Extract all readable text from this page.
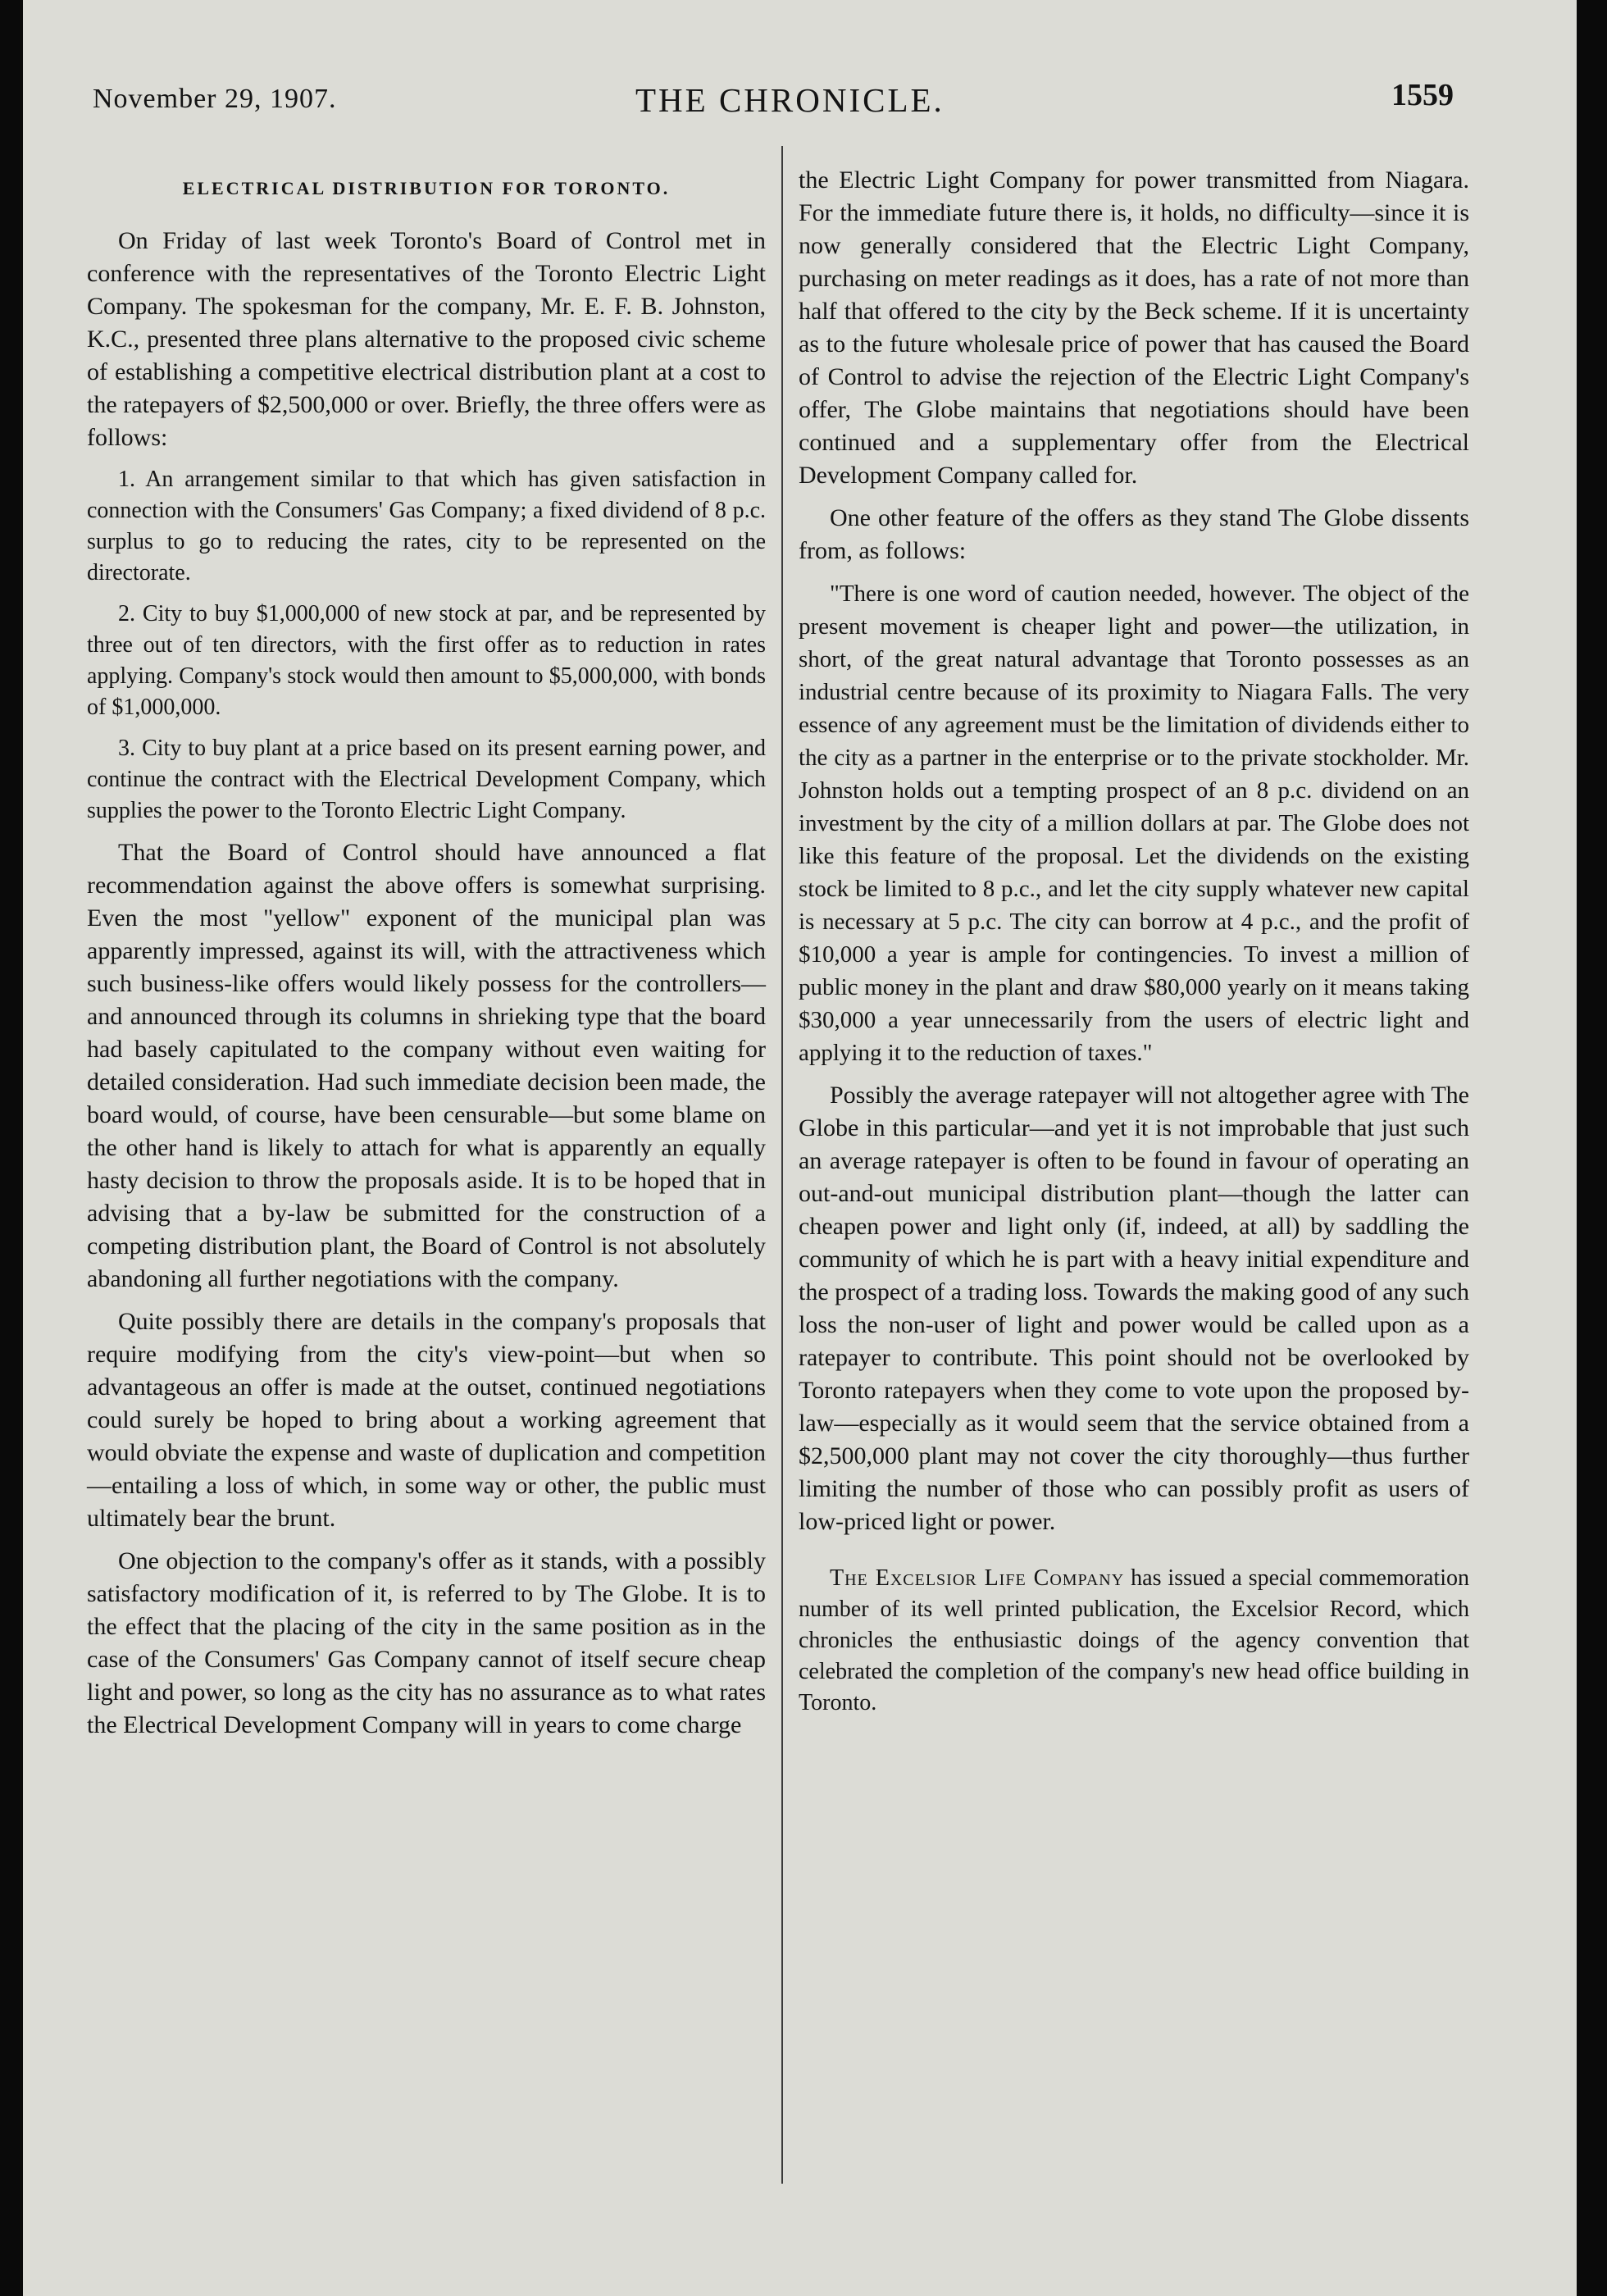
November 29, 1907.	THE CHRONICLE.	1559
ELECTRICAL DISTRIBUTION FOR TORONTO.

On Friday of last week Toronto's Board of Control met in conference with the representatives of the Toronto Electric Light Company. The spokesman for the company, Mr. E. F. B. Johnston, K.C., presented three plans alternative to the proposed civic scheme of establishing a competitive electrical distribution plant at a cost to the ratepayers of $2,500,000 or over. Briefly, the three offers were as follows:

1. An arrangement similar to that which has given satisfaction in connection with the Consumers' Gas Company; a fixed dividend of 8 p.c. surplus to go to reducing the rates, city to be represented on the directorate.

2. City to buy $1,000,000 of new stock at par, and be represented by three out of ten directors, with the first offer as to reduction in rates applying. Company's stock would then amount to $5,000,000, with bonds of $1,000,000.

3. City to buy plant at a price based on its present earning power, and continue the contract with the Electrical Development Company, which supplies the power to the Toronto Electric Light Company.

That the Board of Control should have announced a flat recommendation against the above offers is somewhat surprising. Even the most "yellow" exponent of the municipal plan was apparently impressed, against its will, with the attractiveness which such business-like offers would likely possess for the controllers—and announced through its columns in shrieking type that the board had basely capitulated to the company without even waiting for detailed consideration. Had such immediate decision been made, the board would, of course, have been censurable—but some blame on the other hand is likely to attach for what is apparently an equally hasty decision to throw the proposals aside. It is to be hoped that in advising that a by-law be submitted for the construction of a competing distribution plant, the Board of Control is not absolutely abandoning all further negotiations with the company.

Quite possibly there are details in the company's proposals that require modifying from the city's view-point—but when so advantageous an offer is made at the outset, continued negotiations could surely be hoped to bring about a working agreement that would obviate the expense and waste of duplication and competition—entailing a loss of which, in some way or other, the public must ultimately bear the brunt.

One objection to the company's offer as it stands, with a possibly satisfactory modification of it, is referred to by The Globe. It is to the effect that the placing of the city in the same position as in the case of the Consumers' Gas Company cannot of itself secure cheap light and power, so long as the city has no assurance as to what rates the Electrical Development Company will in years to come charge

the Electric Light Company for power transmitted from Niagara. For the immediate future there is, it holds, no difficulty—since it is now generally considered that the Electric Light Company, purchasing on meter readings as it does, has a rate of not more than half that offered to the city by the Beck scheme. If it is uncertainty as to the future wholesale price of power that has caused the Board of Control to advise the rejection of the Electric Light Company's offer, The Globe maintains that negotiations should have been continued and a supplementary offer from the Electrical Development Company called for.

One other feature of the offers as they stand The Globe dissents from, as follows:

"There is one word of caution needed, however. The object of the present movement is cheaper light and power—the utilization, in short, of the great natural advantage that Toronto possesses as an industrial centre because of its proximity to Niagara Falls. The very essence of any agreement must be the limitation of dividends either to the city as a partner in the enterprise or to the private stockholder. Mr. Johnston holds out a tempting prospect of an 8 p.c. dividend on an investment by the city of a million dollars at par. The Globe does not like this feature of the proposal. Let the dividends on the existing stock be limited to 8 p.c., and let the city supply whatever new capital is necessary at 5 p.c. The city can borrow at 4 p.c., and the profit of $10,000 a year is ample for contingencies. To invest a million of public money in the plant and draw $80,000 yearly on it means taking $30,000 a year unnecessarily from the users of electric light and applying it to the reduction of taxes."

Possibly the average ratepayer will not altogether agree with The Globe in this particular—and yet it is not improbable that just such an average ratepayer is often to be found in favour of operating an out-and-out municipal distribution plant—though the latter can cheapen power and light only (if, indeed, at all) by saddling the community of which he is part with a heavy initial expenditure and the prospect of a trading loss. Towards the making good of any such loss the non-user of light and power would be called upon as a ratepayer to contribute. This point should not be overlooked by Toronto ratepayers when they come to vote upon the proposed by-law—especially as it would seem that the service obtained from a $2,500,000 plant may not cover the city thoroughly—thus further limiting the number of those who can possibly profit as users of low-priced light or power.

The Excelsior Life Company has issued a special commemoration number of its well printed publication, the Excelsior Record, which chronicles the enthusiastic doings of the agency convention that celebrated the completion of the company's new head office building in Toronto.
